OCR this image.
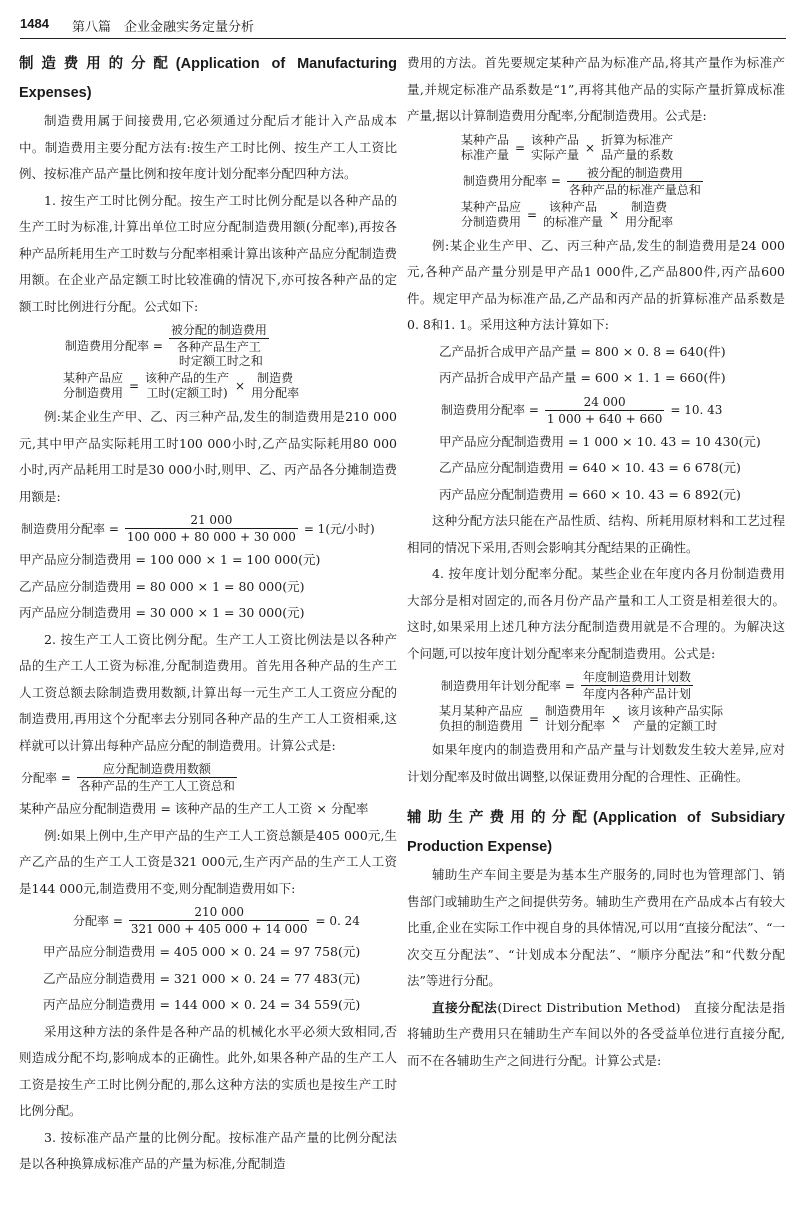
1484 第八篇　企业金融实务定量分析

制造费用的分配(Application of Manufacturing Expenses)

制造费用属于间接费用,它必须通过分配后才能计入产品成本中。制造费用主要分配方法有:按生产工时比例、按生产工人工资比例、按标准产品产量比例和按年度计划分配率分配四种方法。

1. 按生产工时比例分配。按生产工时比例分配是以各种产品的生产工时为标准,计算出单位工时应分配制造费用额(分配率),再按各种产品所耗用生产工时数与分配率相乘计算出该种产品应分配制造费用额。在企业产品定额工时比较准确的情况下,亦可按各种产品的定额工时比例进行分配。公式如下:

制造费用分配率 =
被分配的制造费用
各种产品生产工
时定额工时之和
某种产品应
分制造费用 =
该种产品的生产
工时(定额工时) ×
制造费
用分配率

例:某企业生产甲、乙、丙三种产品,发生的制造费用是210 000元,其中甲产品实际耗用工时100 000小时,乙产品实际耗用80 000小时,丙产品耗用工时是30 000小时,则甲、乙、丙产品各分摊制造费用额是:

制造费用分配率 = $\frac{21 000}{100 000 + 80 000 + 30 000} = 1$(元/小时)

甲产品应分制造费用 = 100 000 × 1 = 100 000(元)

乙产品应分制造费用 = 80 000 × 1 = 80 000(元)

丙产品应分制造费用 = 30 000 × 1 = 30 000(元)

2. 按生产工人工资比例分配。生产工人工资比例法是以各种产品的生产工人工资为标准,分配制造费用。首先用各种产品的生产工人工资总额去除制造费用数额,计算出每一元生产工人工资应分配的制造费用,再用这个分配率去分别同各种产品的生产工人工资相乘,这样就可以计算出每种产品应分配的制造费用。计算公式是:

分配率 = $\frac{\text{应分配制造费用数额}}{\text{各种产品的生产工人工资总和}}$

某种产品应分配制造费用 = 该种产品的生产工人工资 × 分配率

例:如果上例中,生产甲产品的生产工人工资总额是405 000元,生产乙产品的生产工人工资是321 000元,生产丙产品的生产工人工资是144 000元,制造费用不变,则分配制造费用如下:

分配率 = $\frac{210 000}{321 000 + 405 000 + 14 000} = 0$. 24

甲产品应分制造费用 = 405 000 × 0. 24 = 97 758(元)

乙产品应分制造费用 = 321 000 × 0. 24 = 77 483(元)

丙产品应分制造费用 = 144 000 × 0. 24 = 34 559(元)

采用这种方法的条件是各种产品的机械化水平必须大致相同,否则造成分配不均,影响成本的正确性。此外,如果各种产品的生产工人工资是按生产工时比例分配的,那么这种方法的实质也是按生产工时比例分配。

3. 按标准产品产量的比例分配。按标准产品产量的比例分配法是以各种换算成标准产品的产量为标准,分配制造

费用的方法。首先要规定某种产品为标准产品,将其产量作为标准产量,并规定标准产品系数是“1”,再将其他产品的实际产量折算成标准产量,据以计算制造费用分配率,分配制造费用。公式是:

某种产品
标准产量 =
该种产品
实际产量 ×
折算为标准产
品产量的系数
制造费用分配率 = $\frac{\text{被分配的制造费用}}{\text{各种产品的标准产量总和}}$
某种产品应
分制造费用 =
该种产品
的标准产量 ×
制造费
用分配率

例:某企业生产甲、乙、丙三种产品,发生的制造费用是24 000元,各种产品产量分别是甲产品1 000件,乙产品800件,丙产品600件。规定甲产品为标准产品,乙产品和丙产品的折算标准产品系数是0. 8和1. 1。采用这种方法计算如下:

乙产品折合成甲产品产量 = 800 × 0. 8 = 640(件)

丙产品折合成甲产品产量 = 600 × 1. 1 = 660(件)

制造费用分配率 = $\frac{24 000}{1 000 + 640 + 660} = 10$. 43

甲产品应分配制造费用 = 1 000 × 10. 43 = 10 430(元)

乙产品应分配制造费用 = 640 × 10. 43 = 6 678(元)

丙产品应分配制造费用 = 660 × 10. 43 = 6 892(元)

这种分配方法只能在产品性质、结构、所耗用原材料和工艺过程相同的情况下采用,否则会影响其分配结果的正确性。

4. 按年度计划分配率分配。某些企业在年度内各月份制造费用大部分是相对固定的,而各月份产品产量和工人工资是相差很大的。这时,如果采用上述几种方法分配制造费用就是不合理的。为解决这个问题,可以按年度计划分配率来分配制造费用。公式是:

制造费用年计划分配率 = $\frac{\text{年度制造费用计划数}}{\text{年度内各种产品计划}}$
某月某种产品应
负担的制造费用 =
制造费用年
计划分配率 ×
该月该种产品实际
产量的定额工时

如果年度内的制造费用和产品产量与计划数发生较大差异,应对计划分配率及时做出调整,以保证费用分配的合理性、正确性。

辅助生产费用的分配(Application of Subsidiary Production Expense)

辅助生产车间主要是为基本生产服务的,同时也为管理部门、销售部门或辅助生产之间提供劳务。辅助生产费用在产品成本占有较大比重,企业在实际工作中视自身的具体情况,可以用“直接分配法”、“一次交互分配法”、“计划成本分配法”、“顺序分配法”和“代数分配法”等进行分配。

直接分配法(Direct Distribution Method)　直接分配法是指将辅助生产费用只在辅助生产车间以外的各受益单位进行直接分配,而不在各辅助生产之间进行分配。计算公式是:
